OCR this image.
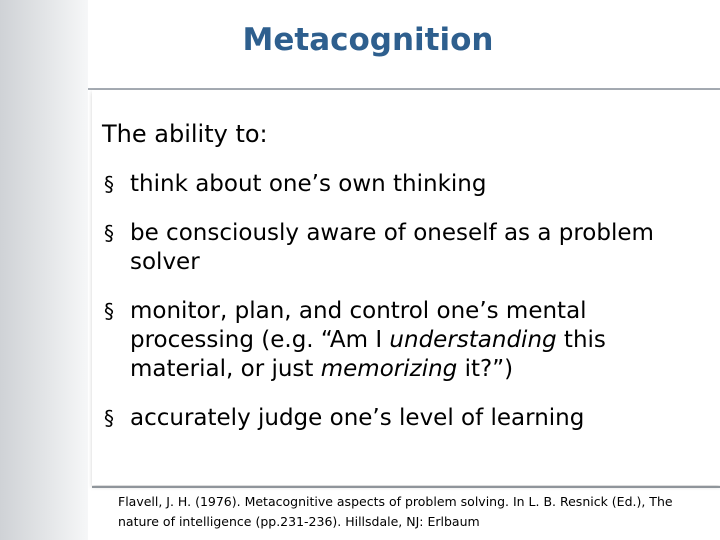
Metacognition
The ability to:
§ think about one’s own thinking
§ be consciously aware of oneself as a problem solver
§ monitor, plan, and control one’s mental processing (e.g. “Am I understanding this material, or just memorizing it?”)
§ accurately judge one’s level of learning
Flavell, J. H. (1976). Metacognitive aspects of problem solving. In L. B. Resnick (Ed.), The nature of intelligence (pp.231-236). Hillsdale, NJ: Erlbaum
